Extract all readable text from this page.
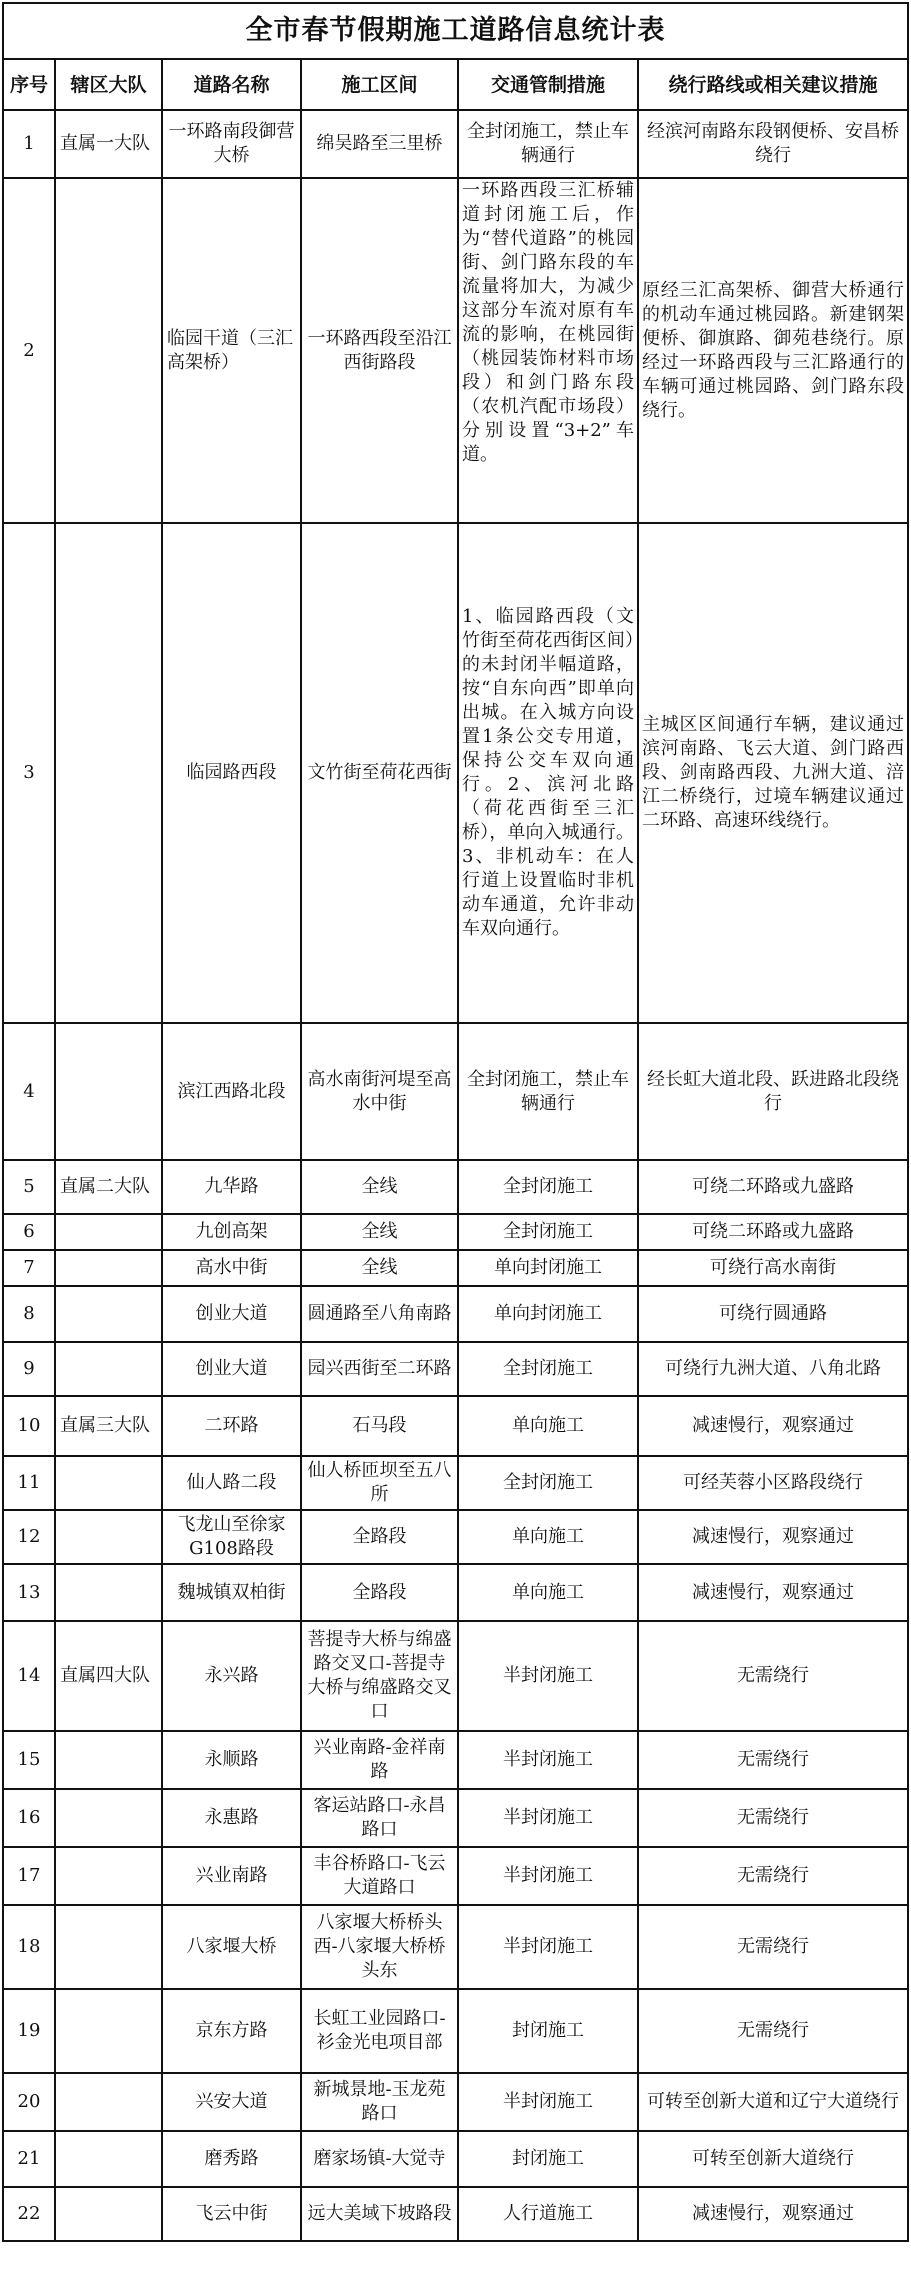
全市春节假期施工道路信息统计表					
序号	辖区大队	道路名称	施工区间	交通管制措施	绕行路线或相关建议措施
1	直属一大队	一环路南段御营大桥	绵吴路至三里桥	全封闭施工，禁止车辆通行	经滨河南路东段钢便桥、安昌桥绕行
2		临园干道（三汇高架桥）	一环路西段至沿江西街路段	一环路西段三汇桥辅道封闭施工后，作为“替代道路”的桃园街、剑门路东段的车流量将加大，为减少这部分车流对原有车流的影响，在桃园街（桃园装饰材料市场段）和剑门路东段（农机汽配市场段）分别设置“3+2”车道。	原经三汇高架桥、御营大桥通行的机动车通过桃园路。新建钢架便桥、御旗路、御苑巷绕行。原经过一环路西段与三汇路通行的车辆可通过桃园路、剑门路东段绕行。
3		临园路西段	文竹街至荷花西街	1、临园路西段（文竹街至荷花西街区间）的未封闭半幅道路，按“自东向西”即单向出城。在入城方向设置1条公交专用道，保持公交车双向通行。2、滨河北路（荷花西街至三汇桥），单向入城通行。3、非机动车：在人行道上设置临时非机动车通道，允许非动车双向通行。	主城区区间通行车辆，建议通过滨河南路、飞云大道、剑门路西段、剑南路西段、九洲大道、涪江二桥绕行，过境车辆建议通过二环路、高速环线绕行。
4		滨江西路北段	高水南街河堤至高水中街	全封闭施工，禁止车辆通行	经长虹大道北段、跃进路北段绕行
5	直属二大队	九华路	全线	全封闭施工	可绕二环路或九盛路
6		九创高架	全线	全封闭施工	可绕二环路或九盛路
7		高水中街	全线	单向封闭施工	可绕行高水南街
8		创业大道	圆通路至八角南路	单向封闭施工	可绕行圆通路
9		创业大道	园兴西街至二环路	全封闭施工	可绕行九洲大道、八角北路
10	直属三大队	二环路	石马段	单向施工	减速慢行，观察通过
11		仙人路二段	仙人桥匝坝至五八所	全封闭施工	可经芙蓉小区路段绕行
12		飞龙山至徐家G108路段	全路段	单向施工	减速慢行，观察通过
13		魏城镇双柏街	全路段	单向施工	减速慢行，观察通过
14	直属四大队	永兴路	菩提寺大桥与绵盛路交叉口-菩提寺大桥与绵盛路交叉口	半封闭施工	无需绕行
15		永顺路	兴业南路-金祥南路	半封闭施工	无需绕行
16		永惠路	客运站路口-永昌路口	半封闭施工	无需绕行
17		兴业南路	丰谷桥路口-飞云大道路口	半封闭施工	无需绕行
18		八家堰大桥	八家堰大桥桥头西-八家堰大桥桥头东	半封闭施工	无需绕行
19		京东方路	长虹工业园路口-衫金光电项目部	封闭施工	无需绕行
20		兴安大道	新城景地-玉龙苑路口	半封闭施工	可转至创新大道和辽宁大道绕行
21		磨秀路	磨家场镇-大觉寺	封闭施工	可转至创新大道绕行
22		飞云中街	远大美域下坡路段	人行道施工	减速慢行，观察通过
